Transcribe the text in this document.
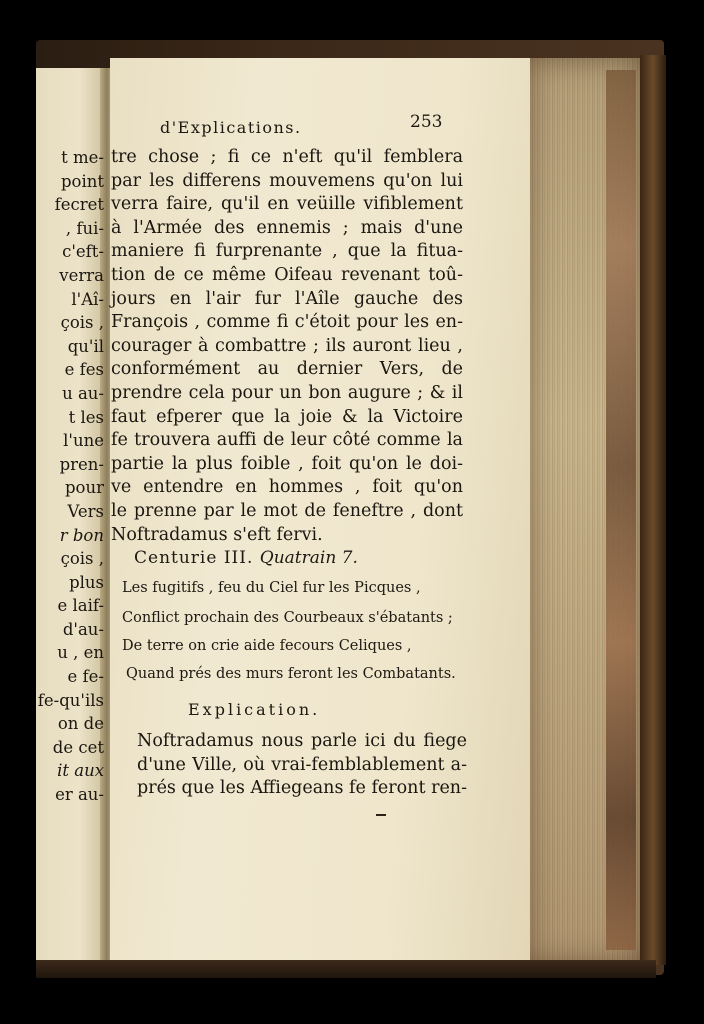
t me-
point
fecret
, fui-
c'eft-
verra
l'Aî-
çois ,
qu'il
e fes
u au-
t les
l'une
pren-
pour
Vers
r bon
çois ,
plus
e laif-
d'au-
u , en
e fe-
fe-qu'ils
on de
de cet
it aux
er au-
d'Explications.	253
tre chose ; fi ce n'eft qu'il femblera
par les differens mouvemens qu'on lui
verra faire, qu'il en veüille vifiblement
à l'Armée des ennemis ; mais d'une
maniere fi furprenante , que la fitua-
tion de ce même Oifeau revenant toû-
jours en l'air fur l'Aîle gauche des
François , comme fi c'étoit pour les en-
courager à combattre ; ils auront lieu ,
conformément au dernier Vers, de
prendre cela pour un bon augure ; & il
faut efperer que la joie & la Victoire
fe trouvera auffi de leur côté comme la
partie la plus foible , foit qu'on le doi-
ve entendre en hommes , foit qu'on
le prenne par le mot de feneftre , dont
Noftradamus s'eft fervi.
Centurie III. Quatrain 7.
Les fugitifs , feu du Ciel fur les Picques ,
Conflict prochain des Courbeaux s'ébatants ;
De terre on crie aide fecours Celiques ,
Quand prés des murs feront les Combatants.
Explication.
Noftradamus nous parle ici du fiege
d'une Ville, où vrai-femblablement a-
prés que les Affiegeans fe feront ren-
